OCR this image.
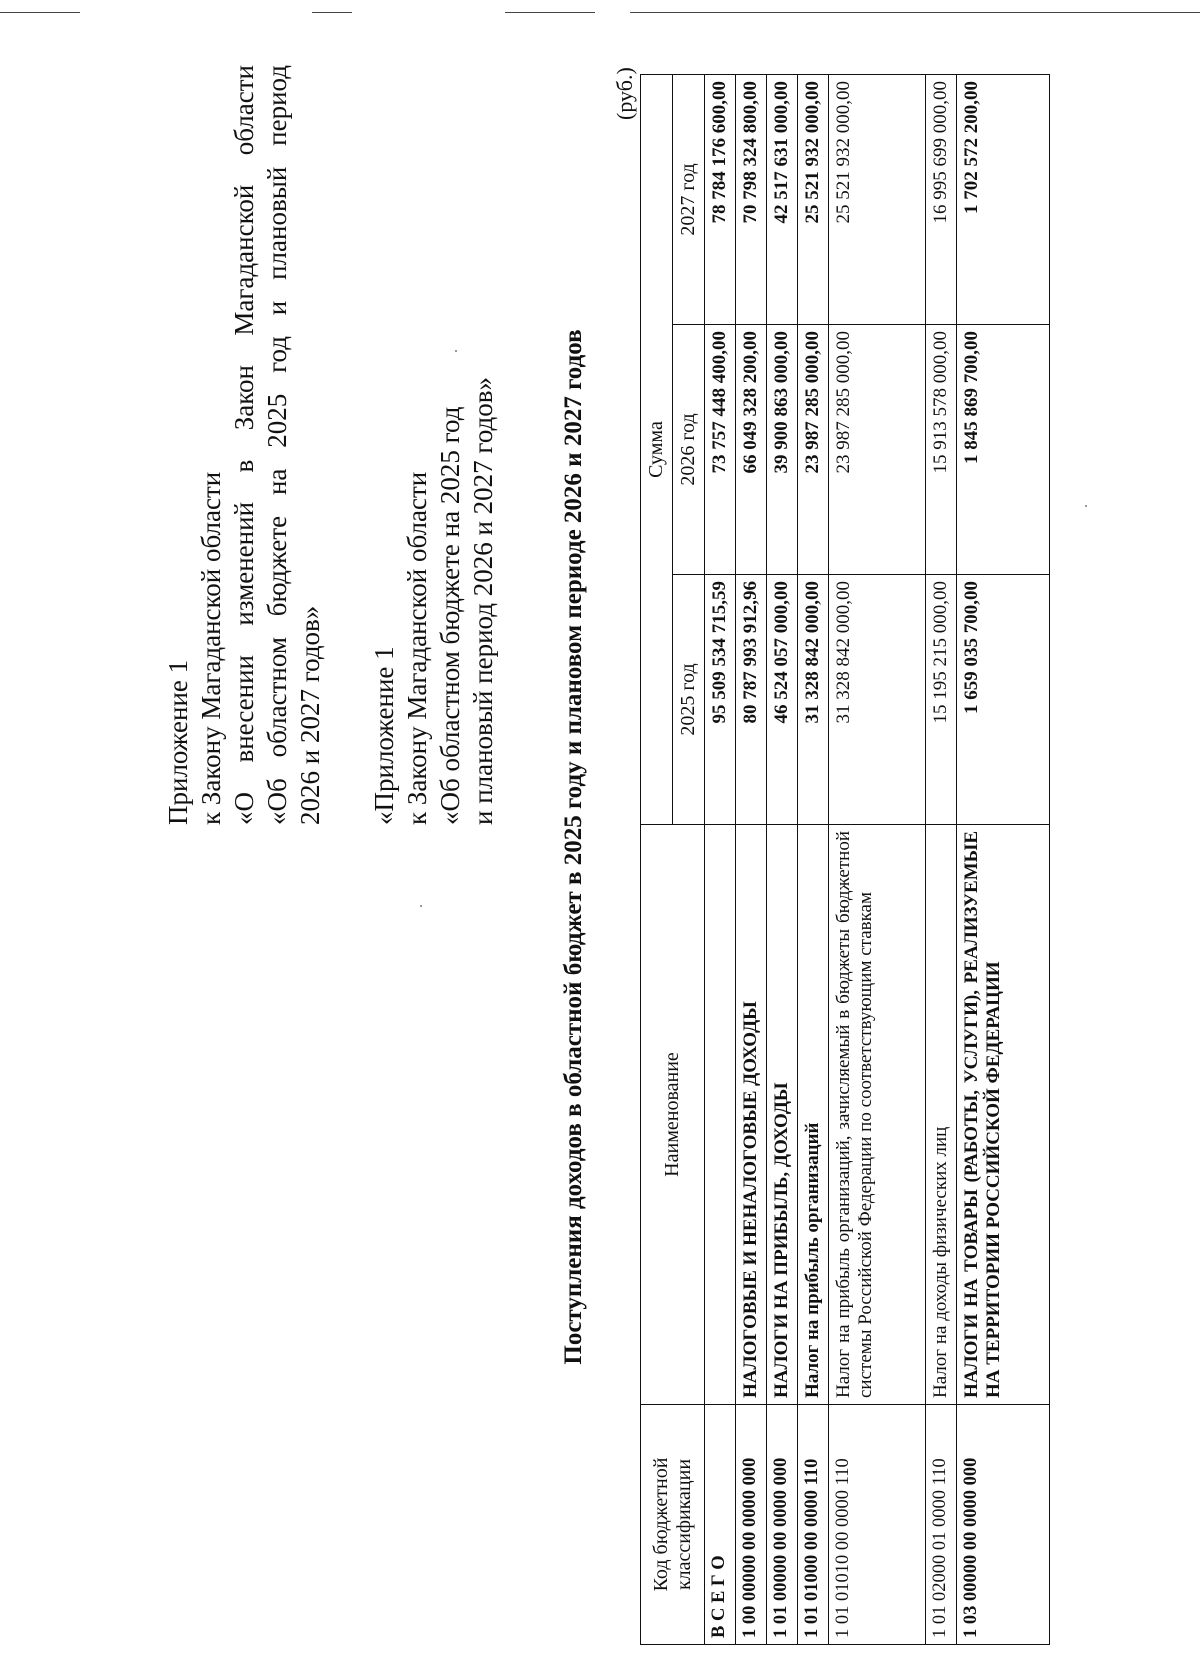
Приложение 1 к Закону Магаданской области «О внесении изменений в Закон Магаданской области «Об областном бюджете на 2025 год и плановый период 2026 и 2027 годов» «Приложение 1 к Закону Магаданской области «Об областном бюджете на 2025 год и плановый период 2026 и 2027 годов» Поступления доходов в областной бюджет в 2025 году и плановом периоде 2026 и 2027 годов
(руб.)
Код бюджетной классификации	Наименование	Сумма		
		2025 год	2026 год	2027 год
В С Е Г О		95 509 534 715,59	73 757 448 400,00	78 784 176 600,00
1 00 00000 00 0000 000	НАЛОГОВЫЕ И НЕНАЛОГОВЫЕ ДОХОДЫ	80 787 993 912,96	66 049 328 200,00	70 798 324 800,00
1 01 00000 00 0000 000	НАЛОГИ НА ПРИБЫЛЬ, ДОХОДЫ	46 524 057 000,00	39 900 863 000,00	42 517 631 000,00
1 01 01000 00 0000 110	Налог на прибыль организаций	31 328 842 000,00	23 987 285 000,00	25 521 932 000,00
1 01 01010 00 0000 110	Налог на прибыль организаций, зачисляемый в бюджеты бюджетной системы Российской Федерации по соответствующим ставкам	31 328 842 000,00	23 987 285 000,00	25 521 932 000,00
1 01 02000 01 0000 110	Налог на доходы физических лиц	15 195 215 000,00	15 913 578 000,00	16 995 699 000,00
1 03 00000 00 0000 000	НАЛОГИ НА ТОВАРЫ (РАБОТЫ, УСЛУГИ), РЕАЛИЗУЕМЫЕ НА ТЕРРИТОРИИ РОССИЙСКОЙ ФЕДЕРАЦИИ	1 659 035 700,00	1 845 869 700,00	1 702 572 200,00
